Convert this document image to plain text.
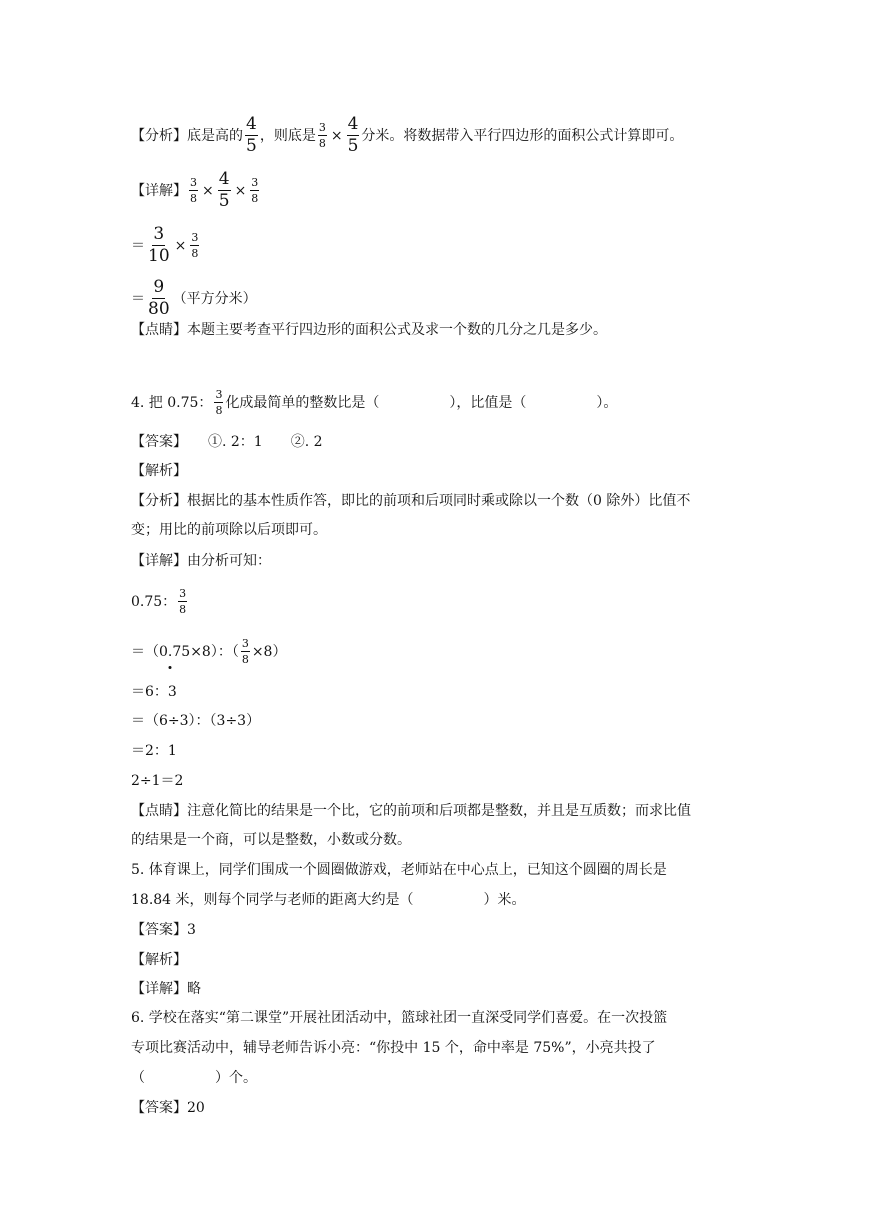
【分析】底是高的 $\frac{4}{5}$ ，则底是 $\frac{3}{8} \times \frac{4}{5}$ 分米。将数据带入平行四边形的面积公式计算即可。
【详解】 $\frac{3}{8} \times \frac{4}{5} \times \frac{3}{8}$
＝ $\frac{3}{10} \times \frac{3}{8}$
＝ $\frac{9}{80}$ （平方分米）
【点睛】本题主要考查平行四边形的面积公式及求一个数的几分之几是多少。
4. 把 0.75： $\frac{3}{8}$ 化成最简单的整数比是（　　　　　），比值是（　　　　　）。
【答案】　　①. 2：1　　②. 2
【解析】
【分析】根据比的基本性质作答，即比的前项和后项同时乘或除以一个数（0 除外）比值不
变；用比的前项除以后项即可。
【详解】由分析可知：
0.75： $\frac{3}{8}$
＝（0 . 75×8）：（ $\frac{3}{8} \times 8$）
＝6：3
＝（6÷3）：（3÷3）
＝2：1
2÷1＝2
【点睛】注意化简比的结果是一个比，它的前项和后项都是整数，并且是互质数；而求比值
的结果是一个商，可以是整数，小数或分数。
5. 体育课上，同学们围成一个圆圈做游戏，老师站在中心点上，已知这个圆圈的周长是
18.84 米，则每个同学与老师的距离大约是（　　　　　）米。
【答案】3
【解析】
【详解】略
6. 学校在落实“第二课堂”开展社团活动中，篮球社团一直深受同学们喜爱。在一次投篮
专项比赛活动中，辅导老师告诉小亮：“你投中 15 个，命中率是 75%”，小亮共投了
（　　　　　）个。
【答案】20
